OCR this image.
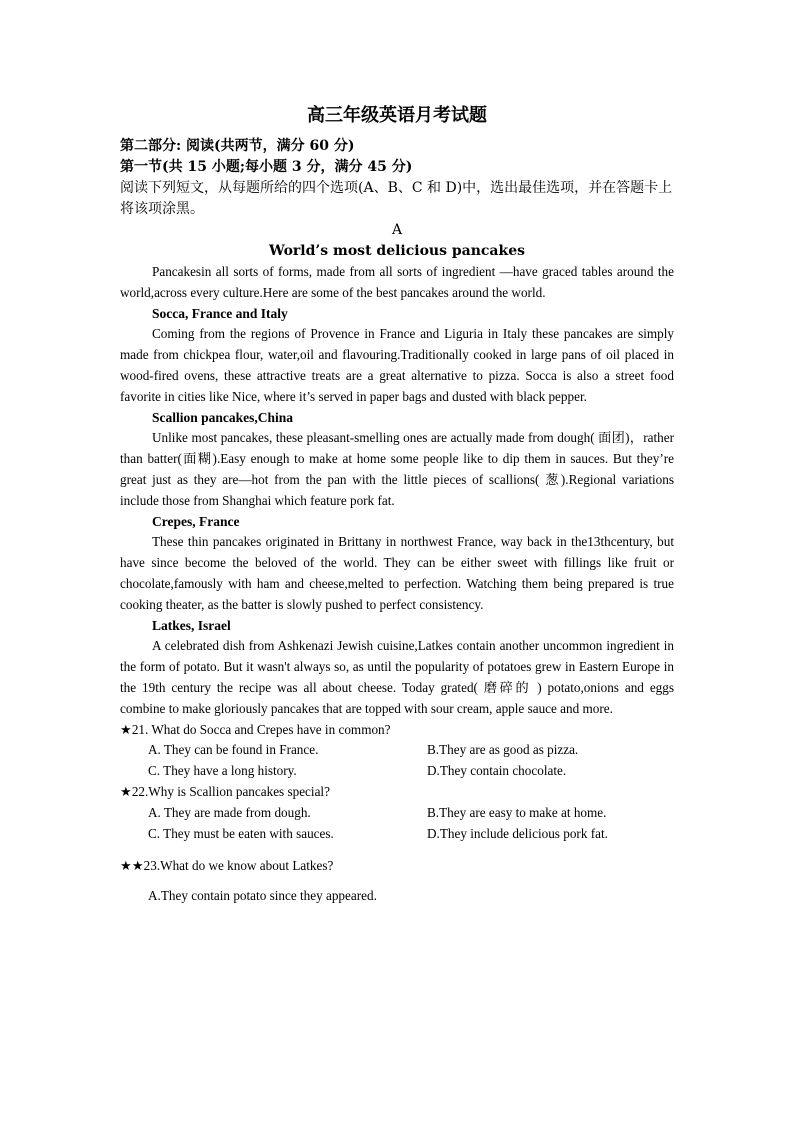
高三年级英语月考试题
第二部分: 阅读(共两节，满分 60 分)
第一节(共 15 小题;每小题 3 分，满分 45 分)
阅读下列短文，从每题所给的四个选项(A、B、C 和 D)中，选出最佳选项，并在答题卡上将该项涂黑。
A
World’s most delicious pancakes

Pancakesin all sorts of forms, made from all sorts of ingredient —have graced tables around the world,across every culture.Here are some of the best pancakes around the world.

Socca, France and Italy

Coming from the regions of Provence in France and Liguria in Italy these pancakes are simply made from chickpea flour, water,oil and flavouring.Traditionally cooked in large pans of oil placed in wood-fired ovens, these attractive treats are a great alternative to pizza. Socca is also a street food favorite in cities like Nice, where it’s served in paper bags and dusted with black pepper.

Scallion pancakes,China

Unlike most pancakes, these pleasant-smelling ones are actually made from dough( 面团)，rather than batter(面糊).Easy enough to make at home some people like to dip them in sauces. But they’re great just as they are—hot from the pan with the little pieces of scallions( 葱).Regional variations include those from Shanghai which feature pork fat.

Crepes, France

These thin pancakes originated in Brittany in northwest France, way back in the13thcentury, but have since become the beloved of the world. They can be either sweet with fillings like fruit or chocolate,famously with ham and cheese,melted to perfection. Watching them being prepared is true cooking theater, as the batter is slowly pushed to perfect consistency.

Latkes, Israel

A celebrated dish from Ashkenazi Jewish cuisine,Latkes contain another uncommon ingredient in the form of potato. But it wasn't always so, as until the popularity of potatoes grew in Eastern Europe in the 19th century the recipe was all about cheese. Today grated( 磨碎的 ) potato,onions and eggs combine to make gloriously pancakes that are topped with sour cream, apple sauce and more.

★21. What do Socca and Crepes have in common?
A. They can be found in France.	B.They are as good as pizza.
C. They have a long history.	D.They contain chocolate.
★22.Why is Scallion pancakes special?
A. They are made from dough.	B.They are easy to make at home.
C. They must be eaten with sauces.	D.They include delicious pork fat.
★★23.What do we know about Latkes?
A.They contain potato since they appeared.
